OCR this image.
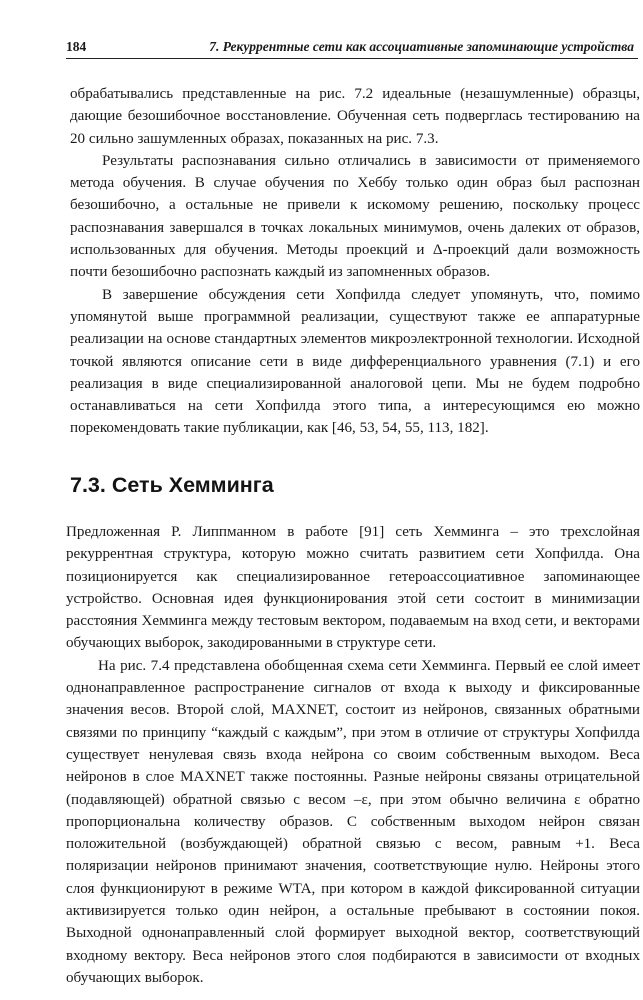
184	7. Рекуррентные сети как ассоциативные запоминающие устройства

обрабатывались представленные на рис. 7.2 идеальные (незашумленные) образцы, дающие безошибочное восстановление. Обученная сеть подверглась тестированию на 20 сильно зашумленных образах, показанных на рис. 7.3.

Результаты распознавания сильно отличались в зависимости от применяемого метода обучения. В случае обучения по Хеббу только один образ был распознан безошибочно, а остальные не привели к искомому решению, поскольку процесс распознавания завершался в точках локальных минимумов, очень далеких от образов, использованных для обучения. Методы проекций и Δ-проекций дали возможность почти безошибочно распознать каждый из запомненных образов.

В завершение обсуждения сети Хопфилда следует упомянуть, что, помимо упомянутой выше программной реализации, существуют также ее аппаратурные реализации на основе стандартных элементов микроэлектронной технологии. Исходной точкой являются описание сети в виде дифференциального уравнения (7.1) и его реализация в виде специализированной аналоговой цепи. Мы не будем подробно останавливаться на сети Хопфилда этого типа, а интересующимся ею можно порекомендовать такие публикации, как [46, 53, 54, 55, 113, 182].

7.3. Сеть Хемминга

Предложенная Р. Липпманном в работе [91] сеть Хемминга – это трехслойная рекуррентная структура, которую можно считать развитием сети Хопфилда. Она позиционируется как специализированное гетероассоциативное запоминающее устройство. Основная идея функционирования этой сети состоит в минимизации расстояния Хемминга между тестовым вектором, подаваемым на вход сети, и векторами обучающих выборок, закодированными в структуре сети.

На рис. 7.4 представлена обобщенная схема сети Хемминга. Первый ее слой имеет однонаправленное распространение сигналов от входа к выходу и фиксированные значения весов. Второй слой, MAXNET, состоит из нейронов, связанных обратными связями по принципу “каждый с каждым”, при этом в отличие от структуры Хопфилда существует ненулевая связь входа нейрона со своим собственным выходом. Веса нейронов в слое MAXNET также постоянны. Разные нейроны связаны отрицательной (подавляющей) обратной связью с весом –ε, при этом обычно величина ε обратно пропорциональна количеству образов. С собственным выходом нейрон связан положительной (возбуждающей) обратной связью с весом, равным +1. Веса поляризации нейронов принимают значения, соответствующие нулю. Нейроны этого слоя функционируют в режиме WTA, при котором в каждой фиксированной ситуации активизируется только один нейрон, а остальные пребывают в состоянии покоя. Выходной однонаправленный слой формирует выходной вектор, соответствующий входному вектору. Веса нейронов этого слоя подбираются в зависимости от входных обучающих выборок.
